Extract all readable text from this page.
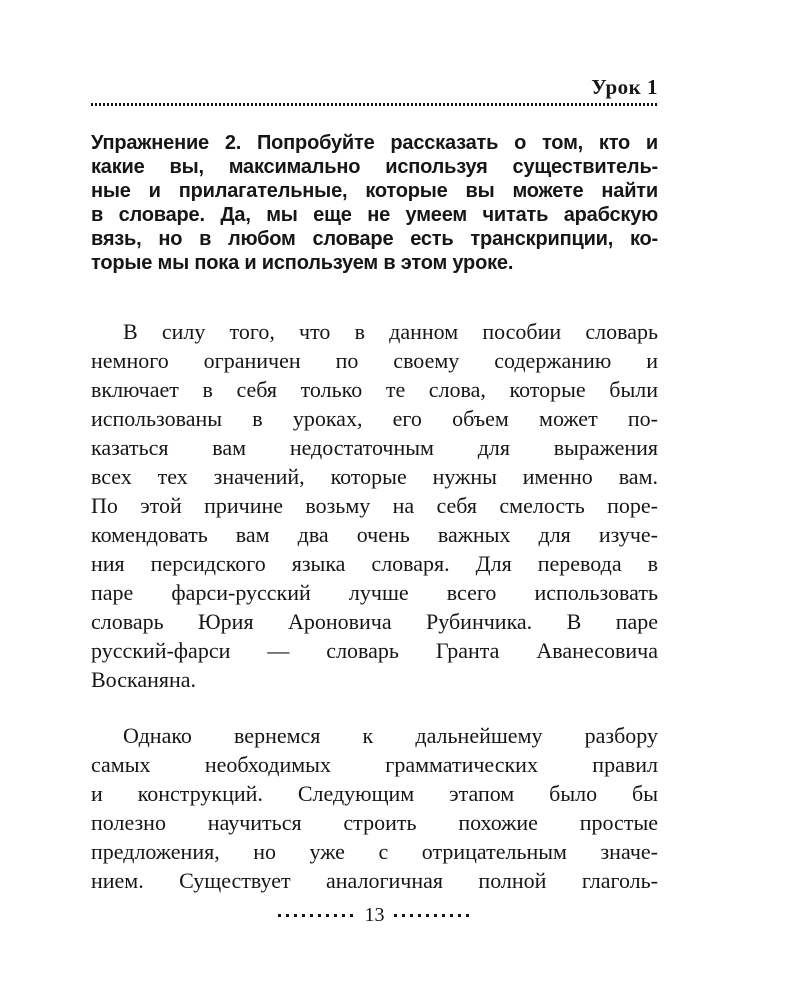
Урок 1
Упражнение 2. Попробуйте рассказать о том, кто и
какие вы, максимально используя существитель-
ные и прилагательные, которые вы можете найти
в словаре. Да, мы еще не умеем читать арабскую
вязь, но в любом словаре есть транскрипции, ко-
торые мы пока и используем в этом уроке.
В силу того, что в данном пособии словарь
немного ограничен по своему содержанию и
включает в себя только те слова, которые были
использованы в уроках, его объем может по-
казаться вам недостаточным для выражения
всех тех значений, которые нужны именно вам.
По этой причине возьму на себя смелость поре-
комендовать вам два очень важных для изуче-
ния персидского языка словаря. Для перевода в
паре фарси-русский лучше всего использовать
словарь Юрия Ароновича Рубинчика. В паре
русский-фарси — словарь Гранта Аванесовича
Восканяна.
Однако вернемся к дальнейшему разбору
самых необходимых грамматических правил
и конструкций. Следующим этапом было бы
полезно научиться строить похожие простые
предложения, но уже с отрицательным значе-
нием. Существует аналогичная полной глаголь-
13
